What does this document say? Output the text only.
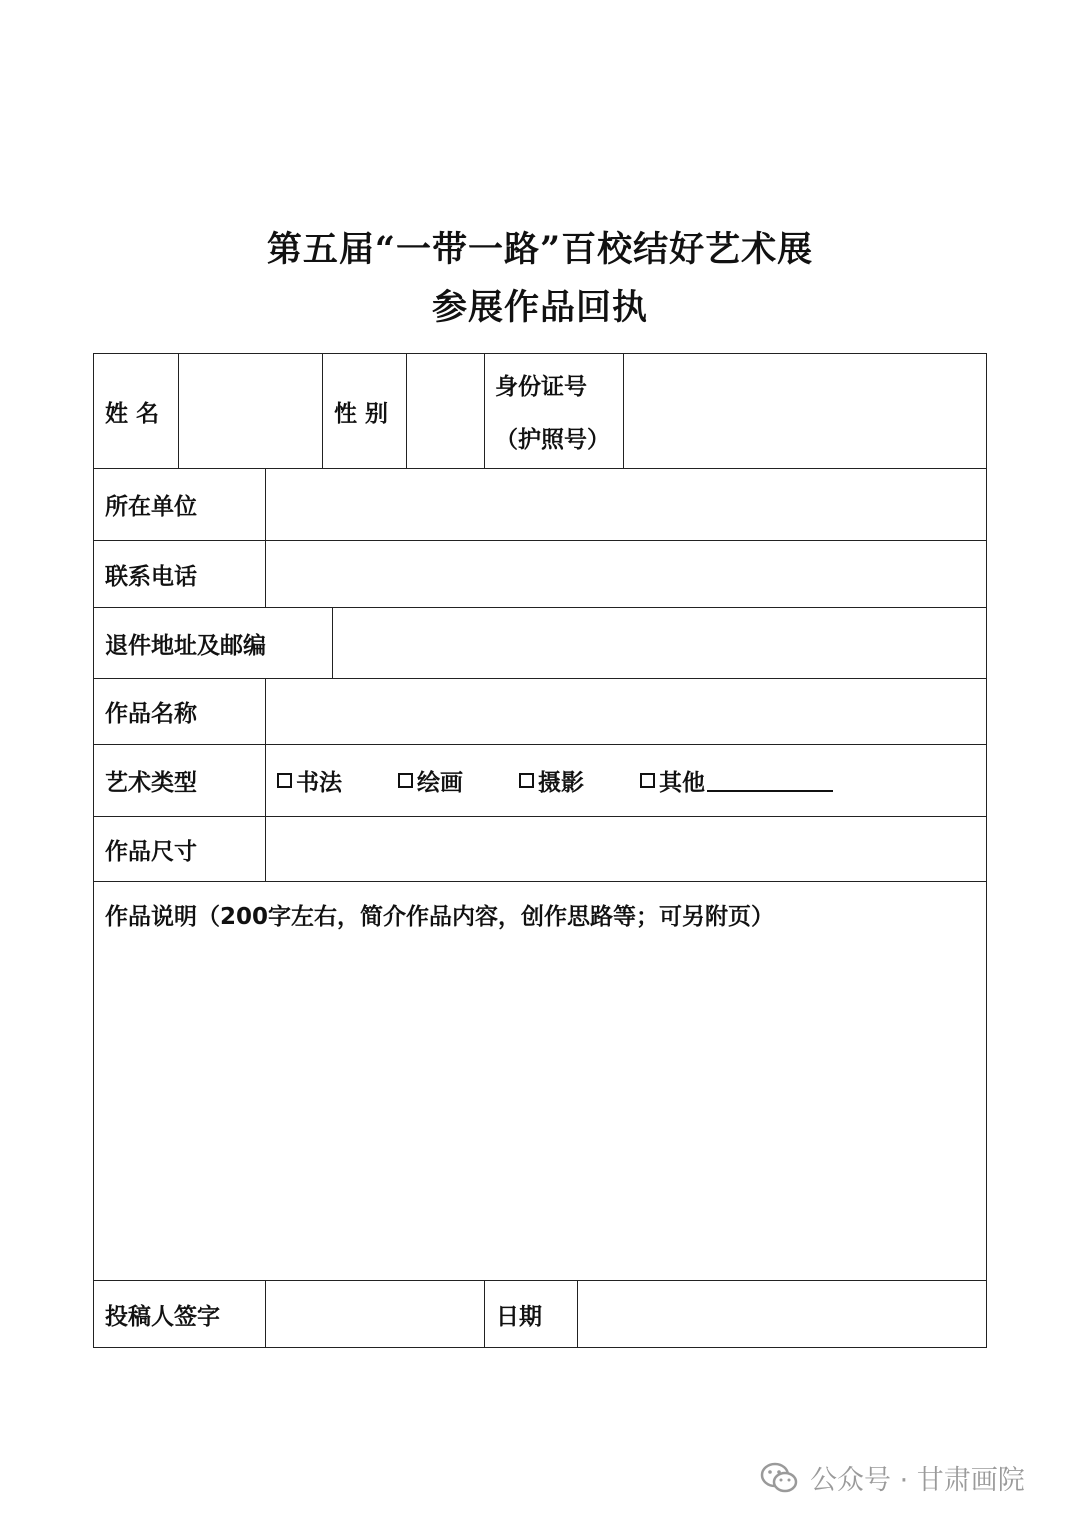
第五届“一带一路”百校结好艺术展
参展作品回执
姓 名	性 别
身份证号
（护照号）
所在单位
联系电话
退件地址及邮编
作品名称
艺术类型	书法	绘画	摄影	其他
作品尺寸
作品说明（200字左右，简介作品内容，创作思路等；可另附页）
投稿人签字	日期
公众号 · 甘肃画院
